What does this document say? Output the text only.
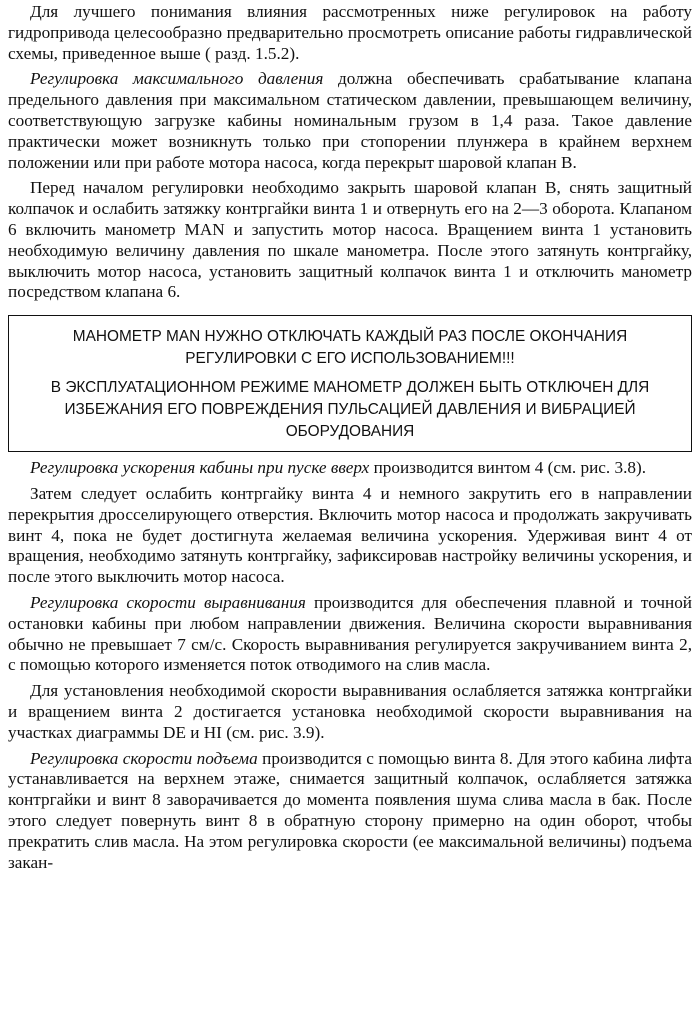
Для лучшего понимания влияния рассмотренных ниже регулировок на работу гидропривода целесообразно предварительно просмотреть описание работы гидравлической схемы, приведенное выше ( разд. 1.5.2).

Регулировка максимального давления должна обеспечивать срабатывание клапана предельного давления при максимальном статическом давлении, превышающем величину, соответствующую загрузке кабины номинальным грузом в 1,4 раза. Такое давление практически может возникнуть только при стопорении плунжера в крайнем верхнем положении или при работе мотора насоса, когда перекрыт шаровой клапан В.

Перед началом регулировки необходимо закрыть шаровой клапан В, снять защитный колпачок и ослабить затяжку контргайки винта 1 и отвернуть его на 2—3 оборота. Клапаном 6 включить манометр MAN и запустить мотор насоса. Вращением винта 1 установить необходимую величину давления по шкале манометра. После этого затянуть контргайку, выключить мотор насоса, установить защитный колпачок винта 1 и отключить манометр посредством клапана 6.

МАНОМЕТР MAN НУЖНО ОТКЛЮЧАТЬ КАЖДЫЙ РАЗ ПОСЛЕ ОКОНЧАНИЯ РЕГУЛИРОВКИ С ЕГО ИСПОЛЬЗОВАНИЕМ!!!

В ЭКСПЛУАТАЦИОННОМ РЕЖИМЕ МАНОМЕТР ДОЛЖЕН БЫТЬ ОТКЛЮЧЕН ДЛЯ ИЗБЕЖАНИЯ ЕГО ПОВРЕЖДЕНИЯ ПУЛЬСАЦИЕЙ ДАВЛЕНИЯ И ВИБРАЦИЕЙ ОБОРУДОВАНИЯ

Регулировка ускорения кабины при пуске вверх производится винтом 4 (см. рис. 3.8).

Затем следует ослабить контргайку винта 4 и немного закрутить его в направлении перекрытия дросселирующего отверстия. Включить мотор насоса и продолжать закручивать винт 4, пока не будет достигнута желаемая величина ускорения. Удерживая винт 4 от вращения, необходимо затянуть контргайку, зафиксировав настройку величины ускорения, и после этого выключить мотор насоса.

Регулировка скорости выравнивания производится для обеспечения плавной и точной остановки кабины при любом направлении движения. Величина скорости выравнивания обычно не превышает 7 см/с. Скорость выравнивания регулируется закручиванием винта 2, с помощью которого изменяется поток отводимого на слив масла.

Для установления необходимой скорости выравнивания ослабляется затяжка контргайки и вращением винта 2 достигается установка необходимой скорости выравнивания на участках диаграммы DE и HI (см. рис. 3.9).

Регулировка скорости подъема производится с помощью винта 8. Для этого кабина лифта устанавливается на верхнем этаже, снимается защитный колпачок, ослабляется затяжка контргайки и винт 8 заворачивается до момента появления шума слива масла в бак. После этого следует повернуть винт 8 в обратную сторону примерно на один оборот, чтобы прекратить слив масла. На этом регулировка скорости (ее максимальной величины) подъема закан-
